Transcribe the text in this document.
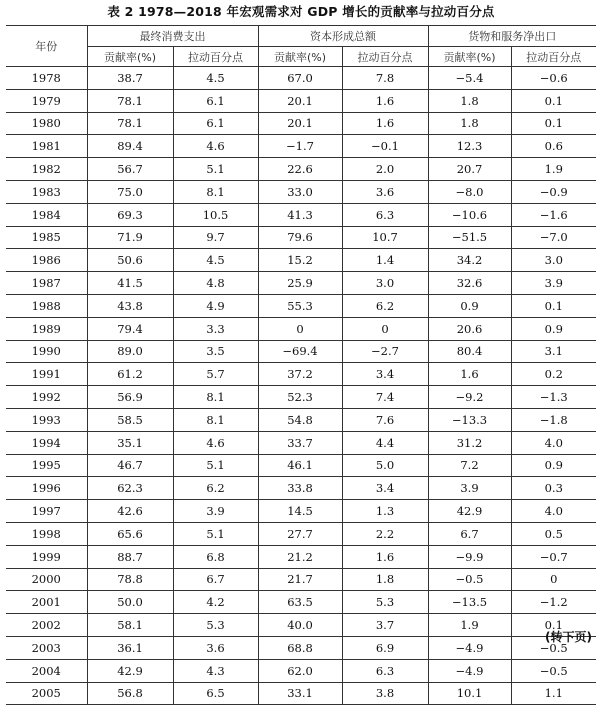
表 2 1978—2018 年宏观需求对 GDP 增长的贡献率与拉动百分点
年份	最终消费支出		资本形成总额		货物和服务净出口	
	贡献率(%)	拉动百分点	贡献率(%)	拉动百分点	贡献率(%)	拉动百分点
1978	38.7	4.5	67.0	7.8	−5.4	−0.6
1979	78.1	6.1	20.1	1.6	1.8	0.1
1980	78.1	6.1	20.1	1.6	1.8	0.1
1981	89.4	4.6	−1.7	−0.1	12.3	0.6
1982	56.7	5.1	22.6	2.0	20.7	1.9
1983	75.0	8.1	33.0	3.6	−8.0	−0.9
1984	69.3	10.5	41.3	6.3	−10.6	−1.6
1985	71.9	9.7	79.6	10.7	−51.5	−7.0
1986	50.6	4.5	15.2	1.4	34.2	3.0
1987	41.5	4.8	25.9	3.0	32.6	3.9
1988	43.8	4.9	55.3	6.2	0.9	0.1
1989	79.4	3.3	0	0	20.6	0.9
1990	89.0	3.5	−69.4	−2.7	80.4	3.1
1991	61.2	5.7	37.2	3.4	1.6	0.2
1992	56.9	8.1	52.3	7.4	−9.2	−1.3
1993	58.5	8.1	54.8	7.6	−13.3	−1.8
1994	35.1	4.6	33.7	4.4	31.2	4.0
1995	46.7	5.1	46.1	5.0	7.2	0.9
1996	62.3	6.2	33.8	3.4	3.9	0.3
1997	42.6	3.9	14.5	1.3	42.9	4.0
1998	65.6	5.1	27.7	2.2	6.7	0.5
1999	88.7	6.8	21.2	1.6	−9.9	−0.7
2000	78.8	6.7	21.7	1.8	−0.5	0
2001	50.0	4.2	63.5	5.3	−13.5	−1.2
2002	58.1	5.3	40.0	3.7	1.9	0.1
2003	36.1	3.6	68.8	6.9	−4.9	−0.5
2004	42.9	4.3	62.0	6.3	−4.9	−0.5
2005	56.8	6.5	33.1	3.8	10.1	1.1
(转下页)
